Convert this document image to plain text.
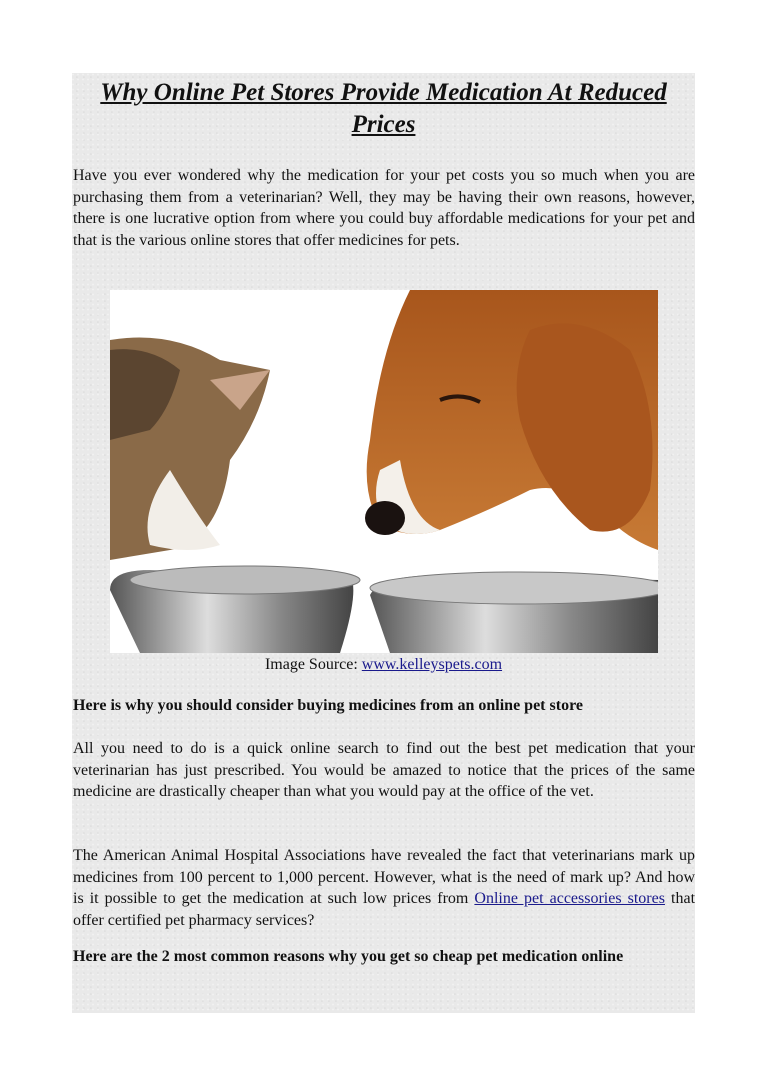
Why Online Pet Stores Provide Medication At Reduced Prices

Have you ever wondered why the medication for your pet costs you so much when you are purchasing them from a veterinarian? Well, they may be having their own reasons, however, there is one lucrative option from where you could buy affordable medications for your pet and that is the various online stores that offer medicines for pets.

Image Source: www.kelleyspets.com

Here is why you should consider buying medicines from an online pet store

All you need to do is a quick online search to find out the best pet medication that your veterinarian has just prescribed. You would be amazed to notice that the prices of the same medicine are drastically cheaper than what you would pay at the office of the vet.

The American Animal Hospital Associations have revealed the fact that veterinarians mark up medicines from 100 percent to 1,000 percent. However, what is the need of mark up? And how is it possible to get the medication at such low prices from Online pet accessories stores that offer certified pet pharmacy services?

Here are the 2 most common reasons why you get so cheap pet medication online
